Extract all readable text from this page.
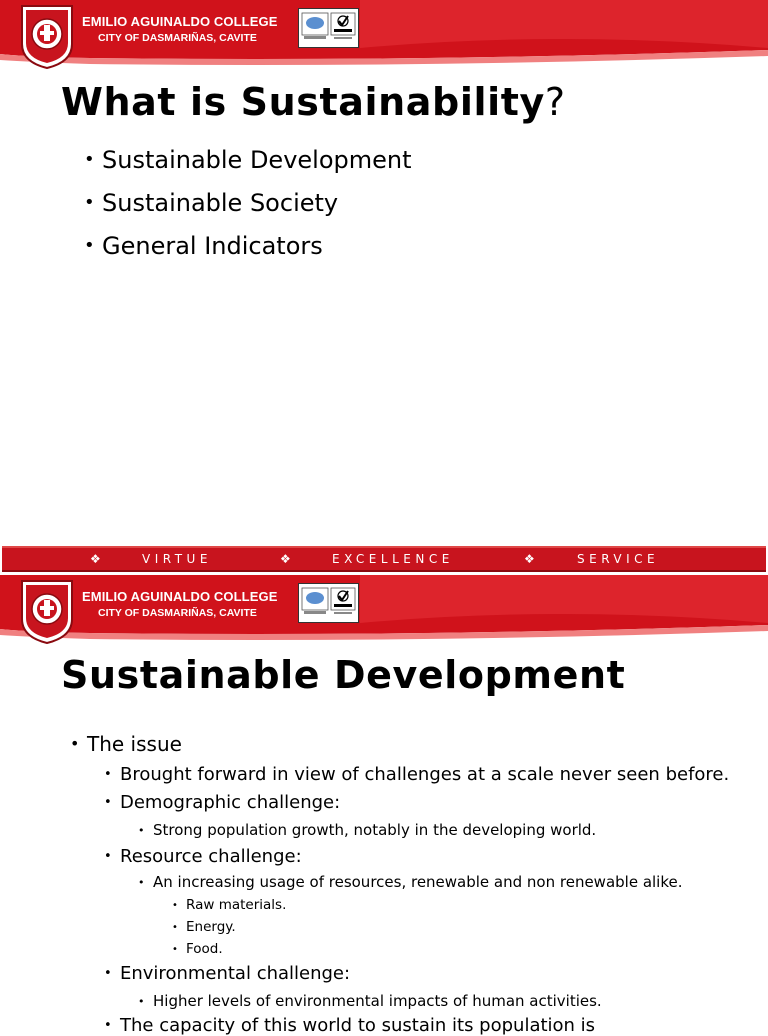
EMILIO AGUINALDO COLLEGE
CITY OF DASMARIÑAS, CAVITE
What is Sustainability?
• Sustainable Development
• Sustainable Society
• General Indicators
❖	VIRTUE	❖	EXCELLENCE	❖	SERVICE
EMILIO AGUINALDO COLLEGE
CITY OF DASMARIÑAS, CAVITE
Sustainable Development
• The issue
• Brought forward in view of challenges at a scale never seen before.
• Demographic challenge:
• Strong population growth, notably in the developing world.
• Resource challenge:
• An increasing usage of resources, renewable and non renewable alike.
• Raw materials.
• Energy.
• Food.
• Environmental challenge:
• Higher levels of environmental impacts of human activities.
• The capacity of this world to sustain its population is
